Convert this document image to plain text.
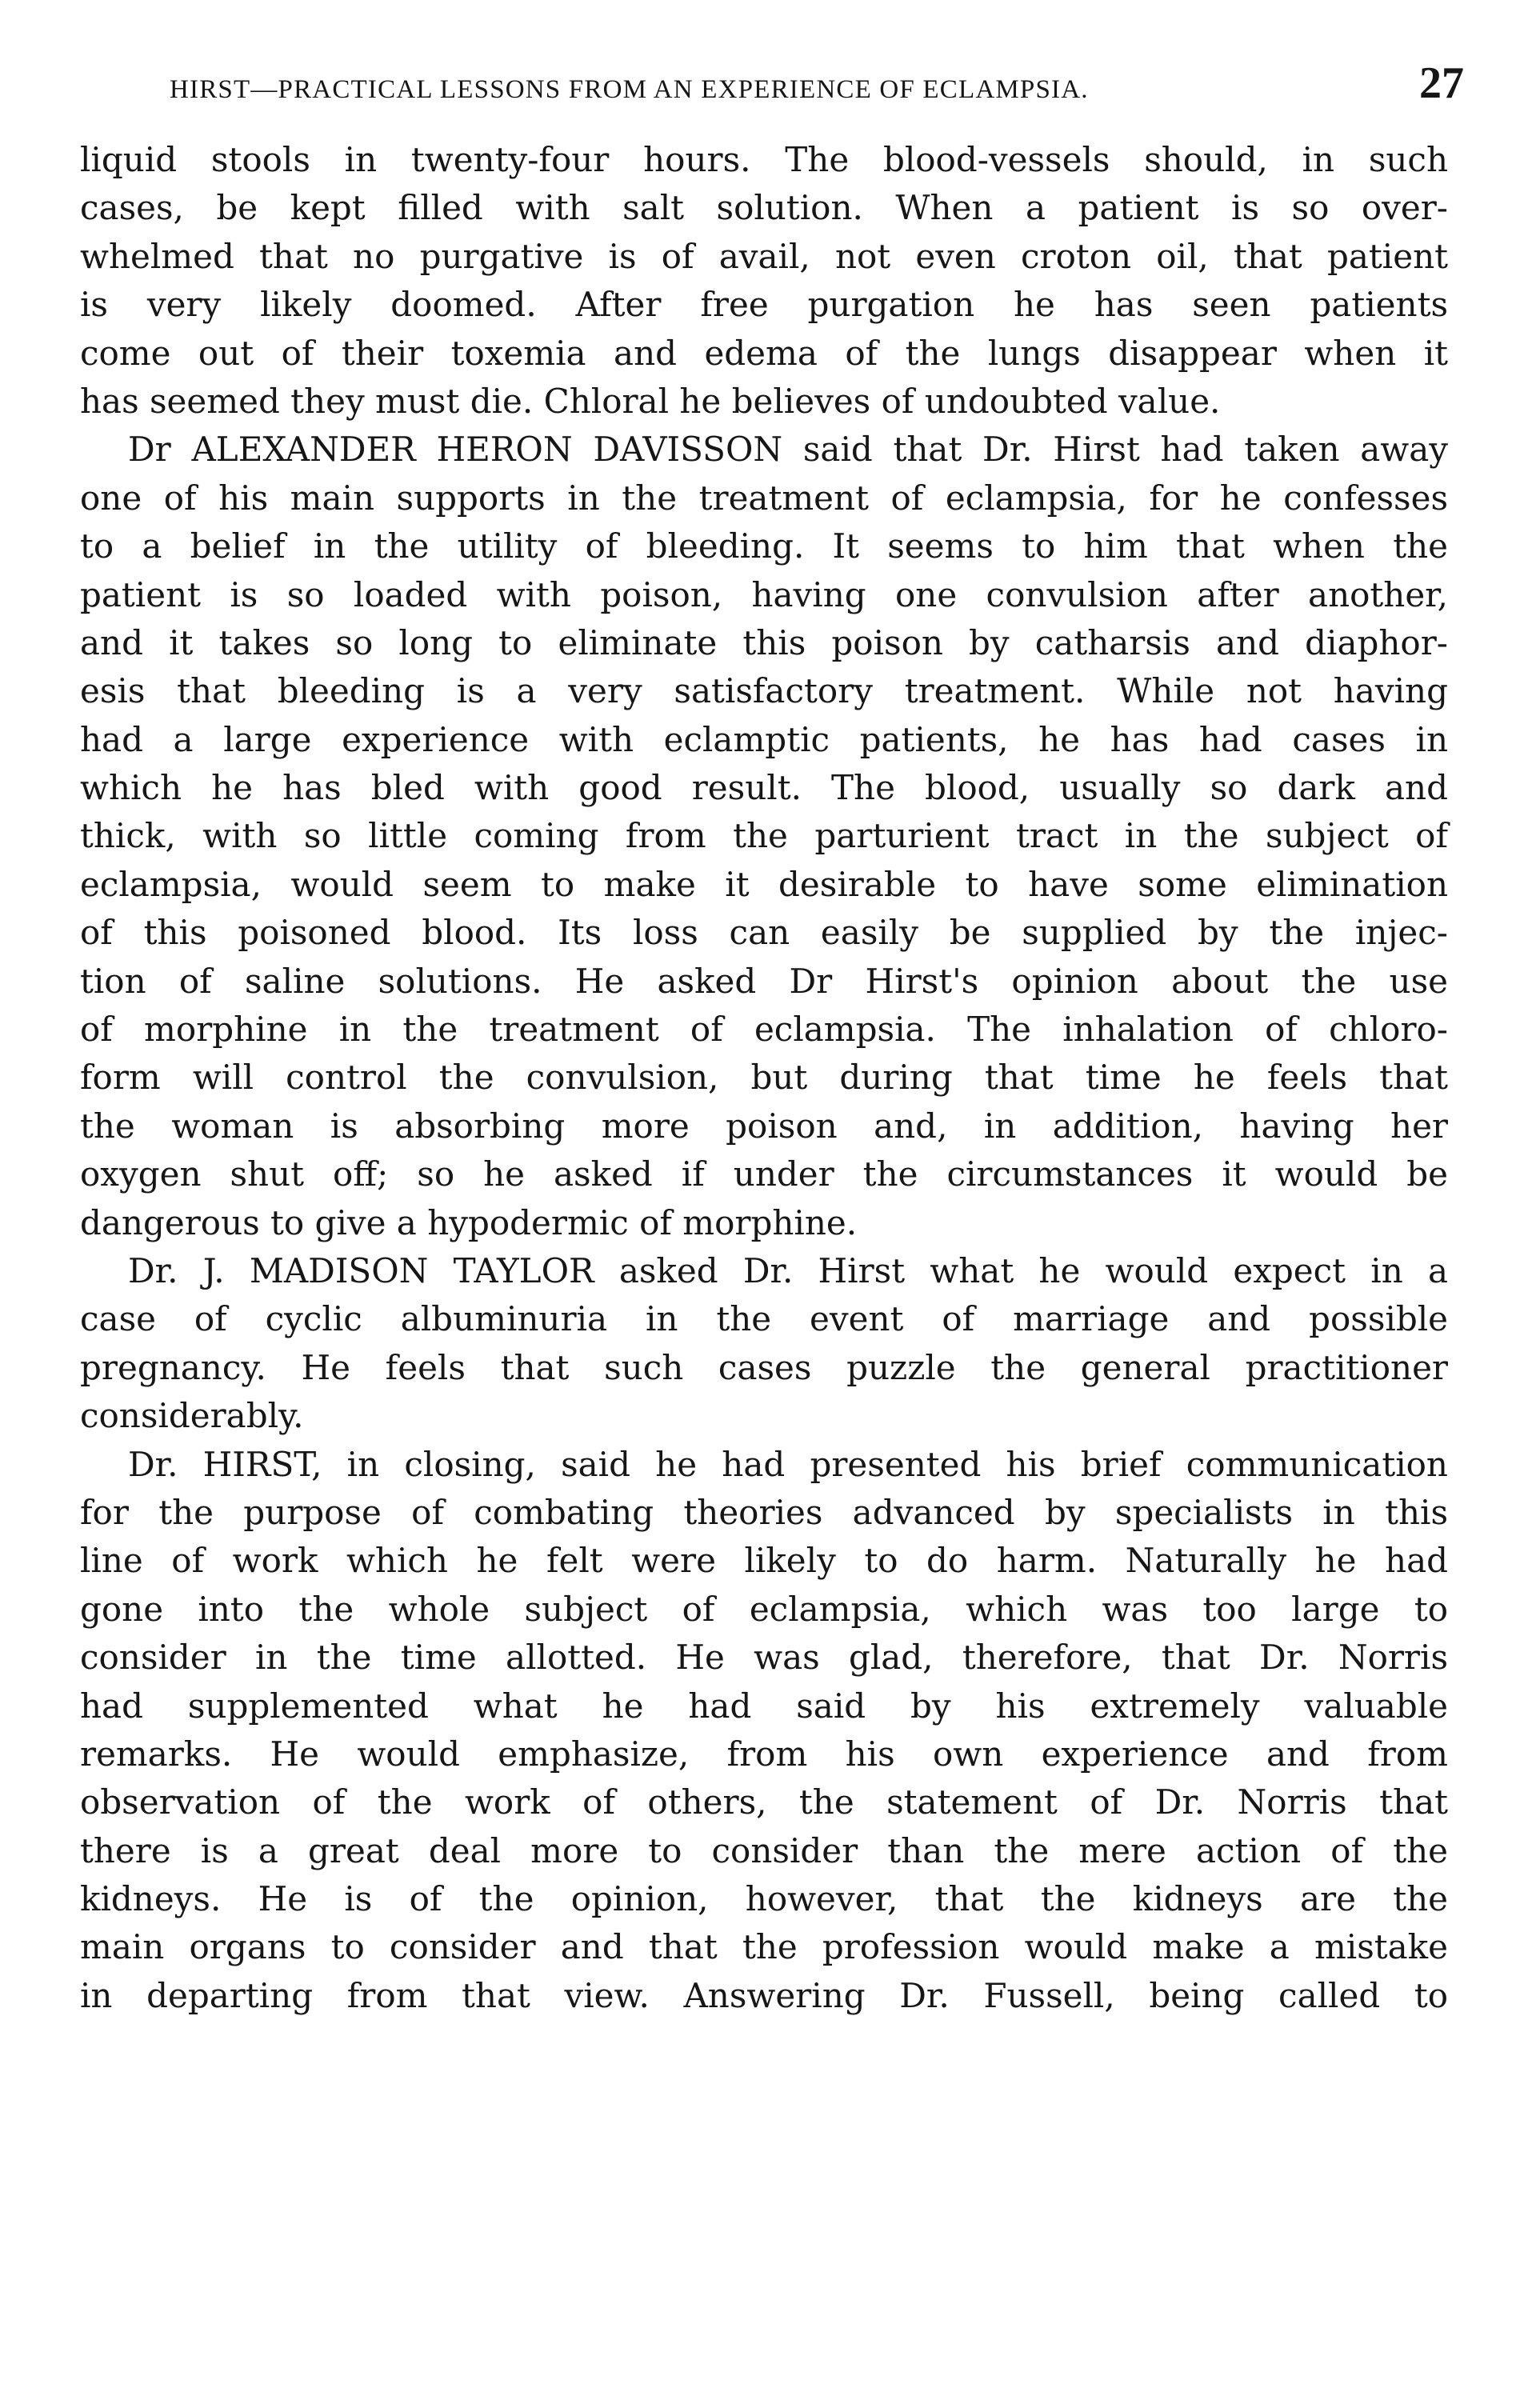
HIRST—PRACTICAL LESSONS FROM AN EXPERIENCE OF ECLAMPSIA.	27
liquid stools in twenty-four hours. The blood-vessels should, in such
cases, be kept filled with salt solution. When a patient is so over-
whelmed that no purgative is of avail, not even croton oil, that patient
is very likely doomed. After free purgation he has seen patients
come out of their toxemia and edema of the lungs disappear when it
has seemed they must die. Chloral he believes of undoubted value.
Dr ALEXANDER HERON DAVISSON said that Dr. Hirst had taken away
one of his main supports in the treatment of eclampsia, for he confesses
to a belief in the utility of bleeding. It seems to him that when the
patient is so loaded with poison, having one convulsion after another,
and it takes so long to eliminate this poison by catharsis and diaphor-
esis that bleeding is a very satisfactory treatment. While not having
had a large experience with eclamptic patients, he has had cases in
which he has bled with good result. The blood, usually so dark and
thick, with so little coming from the parturient tract in the subject of
eclampsia, would seem to make it desirable to have some elimination
of this poisoned blood. Its loss can easily be supplied by the injec-
tion of saline solutions. He asked Dr Hirst's opinion about the use
of morphine in the treatment of eclampsia. The inhalation of chloro-
form will control the convulsion, but during that time he feels that
the woman is absorbing more poison and, in addition, having her
oxygen shut off; so he asked if under the circumstances it would be
dangerous to give a hypodermic of morphine.
Dr. J. MADISON TAYLOR asked Dr. Hirst what he would expect in a
case of cyclic albuminuria in the event of marriage and possible
pregnancy. He feels that such cases puzzle the general practitioner
considerably.
Dr. HIRST, in closing, said he had presented his brief communication
for the purpose of combating theories advanced by specialists in this
line of work which he felt were likely to do harm. Naturally he had
gone into the whole subject of eclampsia, which was too large to
consider in the time allotted. He was glad, therefore, that Dr. Norris
had supplemented what he had said by his extremely valuable
remarks. He would emphasize, from his own experience and from
observation of the work of others, the statement of Dr. Norris that
there is a great deal more to consider than the mere action of the
kidneys. He is of the opinion, however, that the kidneys are the
main organs to consider and that the profession would make a mistake
in departing from that view. Answering Dr. Fussell, being called to
